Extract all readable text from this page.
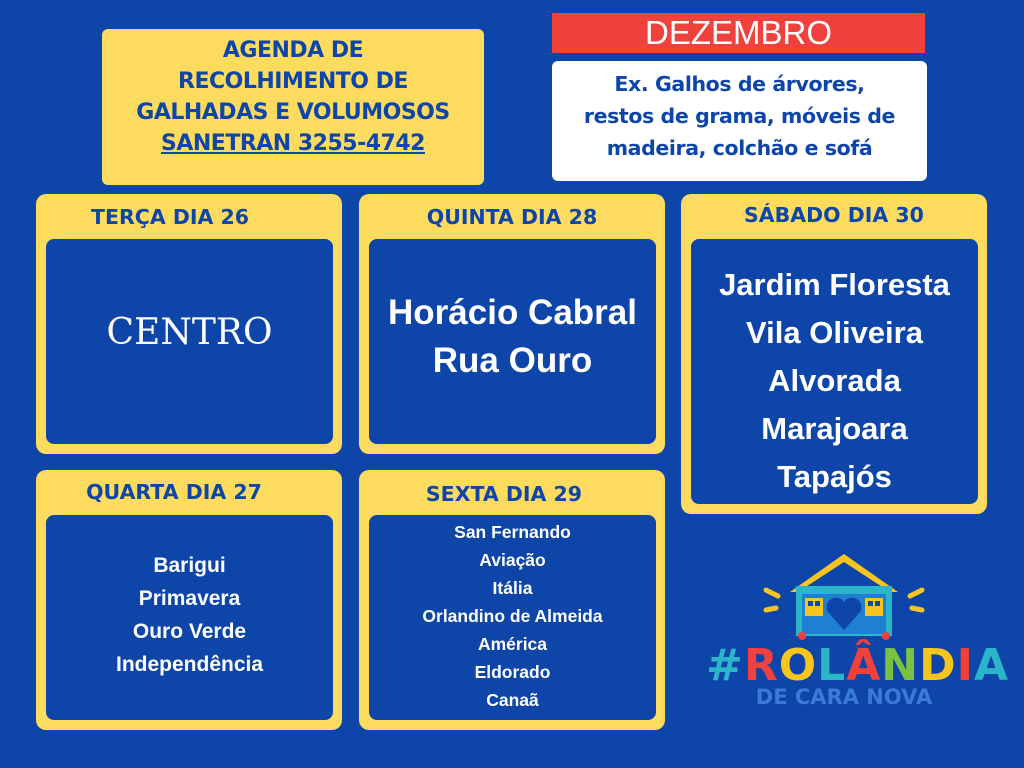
AGENDA DE
RECOLHIMENTO DE
GALHADAS E VOLUMOSOS
SANETRAN 3255-4742
DEZEMBRO
Ex. Galhos de árvores,
restos de grama, móveis de
madeira, colchão e sofá
TERÇA DIA 26
CENTRO
QUINTA DIA 28
Horácio Cabral
Rua Ouro
SÁBADO DIA 30
Jardim Floresta
Vila Oliveira
Alvorada
Marajoara
Tapajós
QUARTA DIA 27
Barigui
Primavera
Ouro Verde
Independência
SEXTA DIA 29
San Fernando
Aviação
Itália
Orlandino de Almeida
América
Eldorado
Canaã
#ROLÂNDIA
DE CARA NOVA
